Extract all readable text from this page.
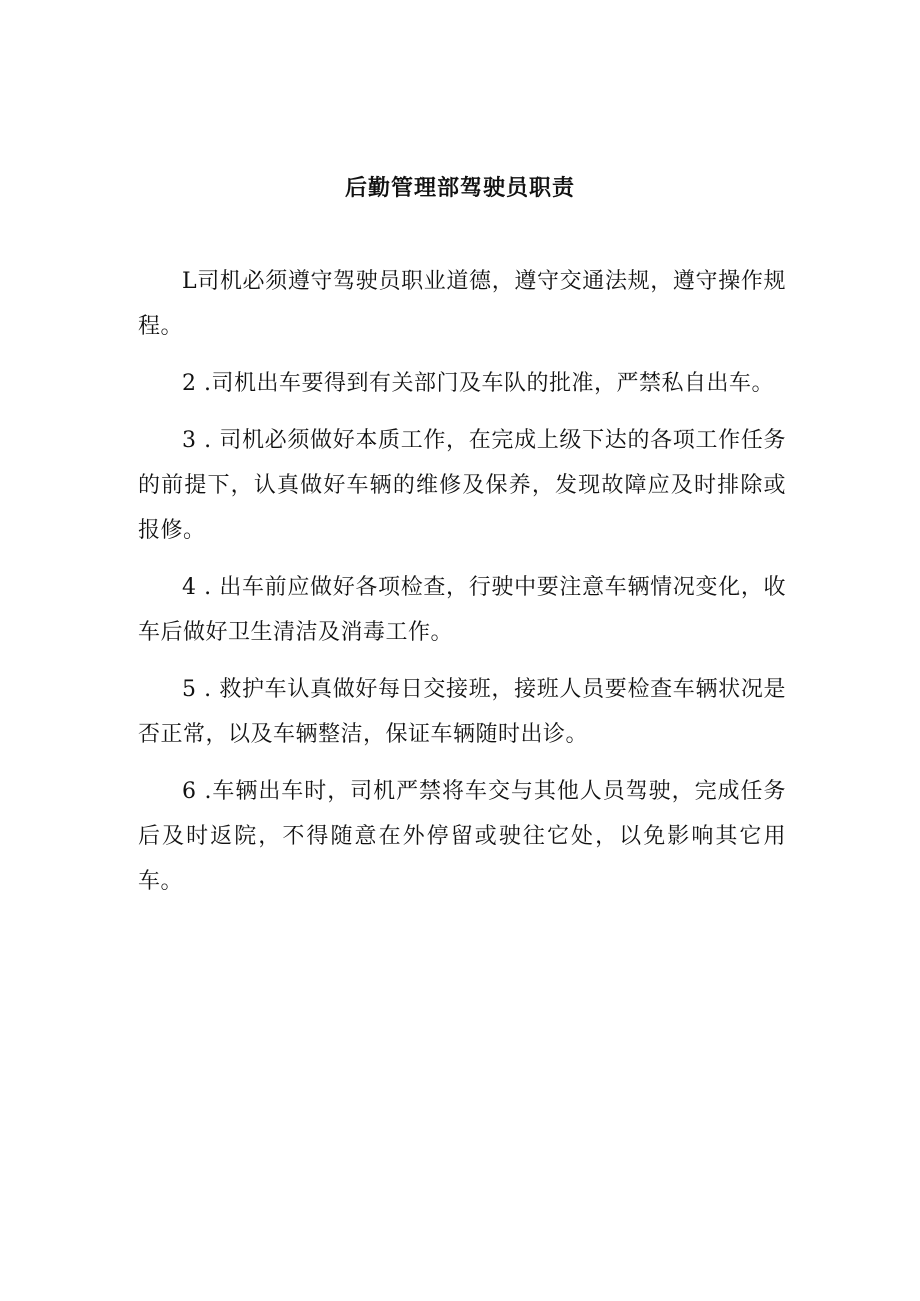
后勤管理部驾驶员职责

L司机必须遵守驾驶员职业道德，遵守交通法规，遵守操作规程。

2 .司机出车要得到有关部门及车队的批准，严禁私自出车。

3 . 司机必须做好本质工作，在完成上级下达的各项工作任务的前提下，认真做好车辆的维修及保养，发现故障应及时排除或报修。

4 . 出车前应做好各项检查，行驶中要注意车辆情况变化，收车后做好卫生清洁及消毒工作。

5 . 救护车认真做好每日交接班，接班人员要检查车辆状况是否正常，以及车辆整洁，保证车辆随时出诊。

6 .车辆出车时，司机严禁将车交与其他人员驾驶，完成任务后及时返院，不得随意在外停留或驶往它处，以免影响其它用车。
